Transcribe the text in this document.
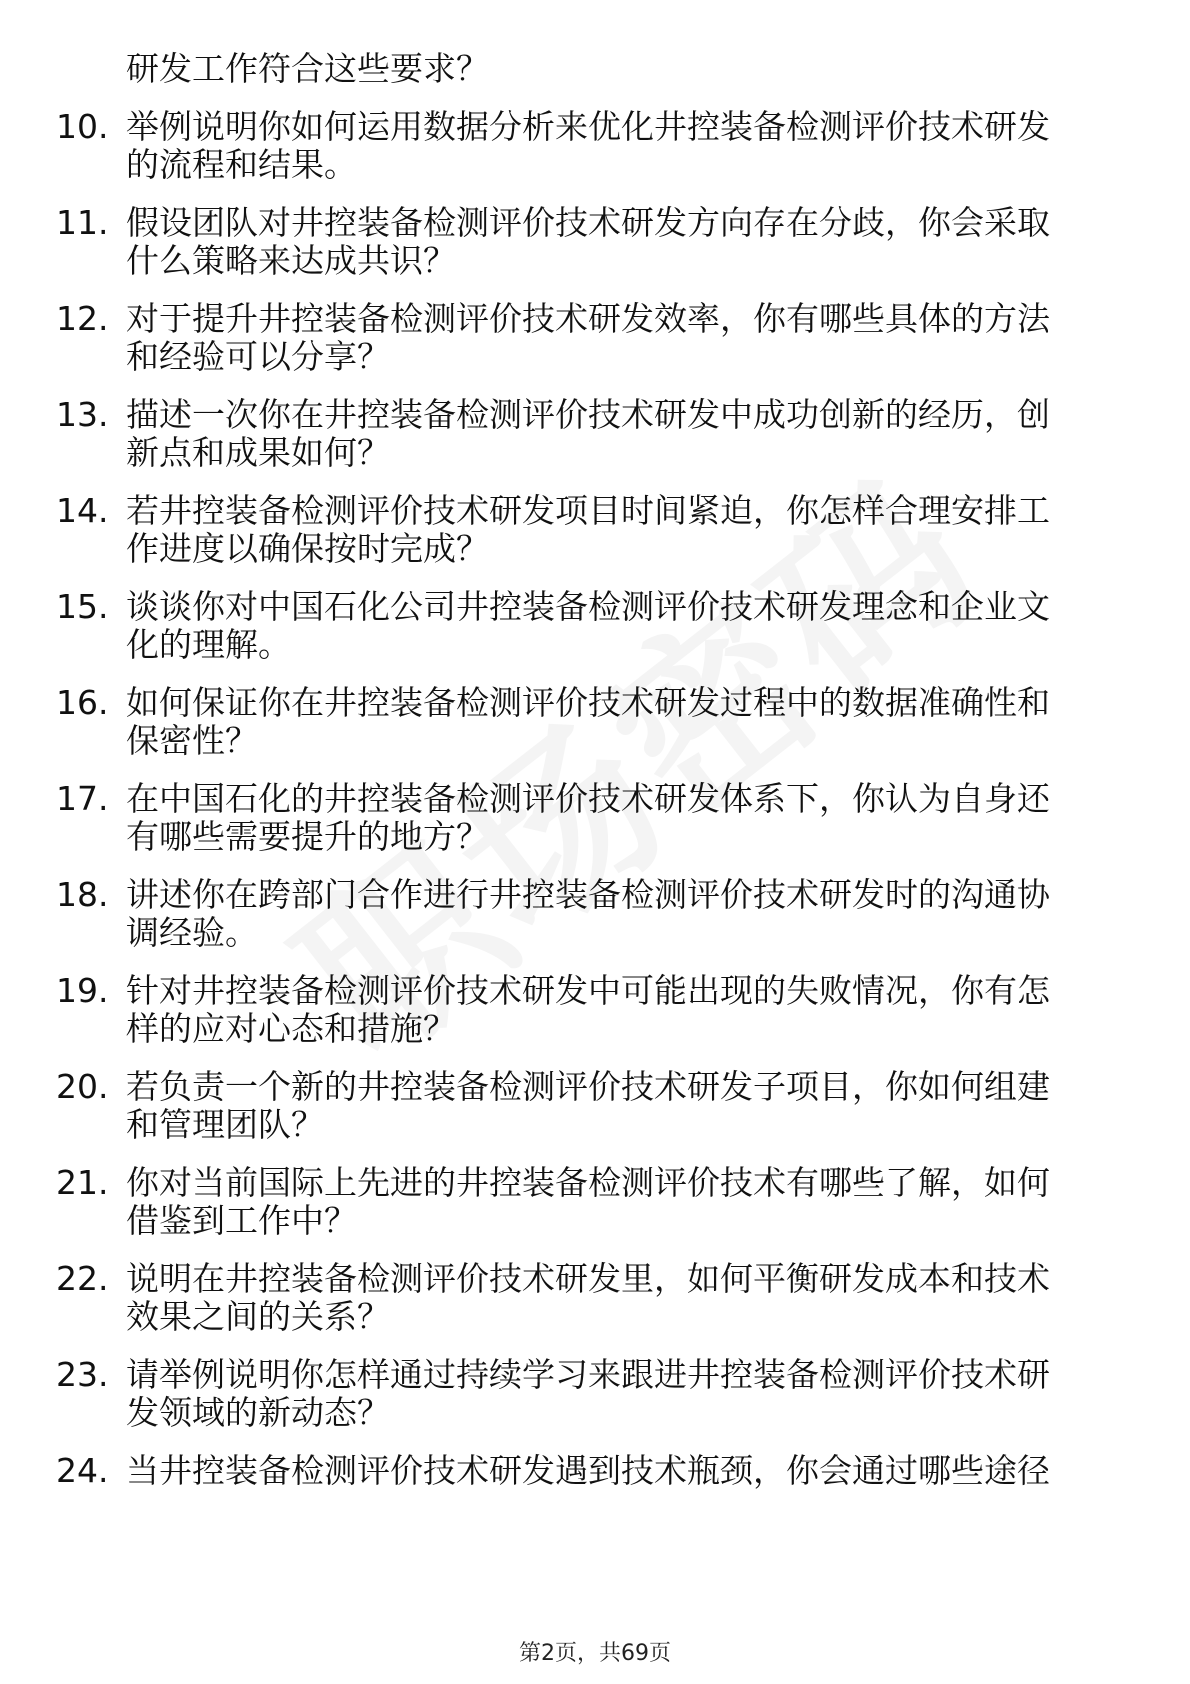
研发工作符合这些要求？
10. 举例说明你如何运用数据分析来优化井控装备检测评价技术研发
的流程和结果。
11. 假设团队对井控装备检测评价技术研发方向存在分歧，你会采取
什么策略来达成共识？
12. 对于提升井控装备检测评价技术研发效率，你有哪些具体的方法
和经验可以分享？
13. 描述一次你在井控装备检测评价技术研发中成功创新的经历，创
新点和成果如何？
14. 若井控装备检测评价技术研发项目时间紧迫，你怎样合理安排工
作进度以确保按时完成？
15. 谈谈你对中国石化公司井控装备检测评价技术研发理念和企业文
化的理解。
16. 如何保证你在井控装备检测评价技术研发过程中的数据准确性和
保密性？
17. 在中国石化的井控装备检测评价技术研发体系下，你认为自身还
有哪些需要提升的地方？
18. 讲述你在跨部门合作进行井控装备检测评价技术研发时的沟通协
调经验。
19. 针对井控装备检测评价技术研发中可能出现的失败情况，你有怎
样的应对心态和措施？
20. 若负责一个新的井控装备检测评价技术研发子项目，你如何组建
和管理团队？
21. 你对当前国际上先进的井控装备检测评价技术有哪些了解，如何
借鉴到工作中？
22. 说明在井控装备检测评价技术研发里，如何平衡研发成本和技术
效果之间的关系？
23. 请举例说明你怎样通过持续学习来跟进井控装备检测评价技术研
发领域的新动态？
24. 当井控装备检测评价技术研发遇到技术瓶颈，你会通过哪些途径
第2页，共69页
